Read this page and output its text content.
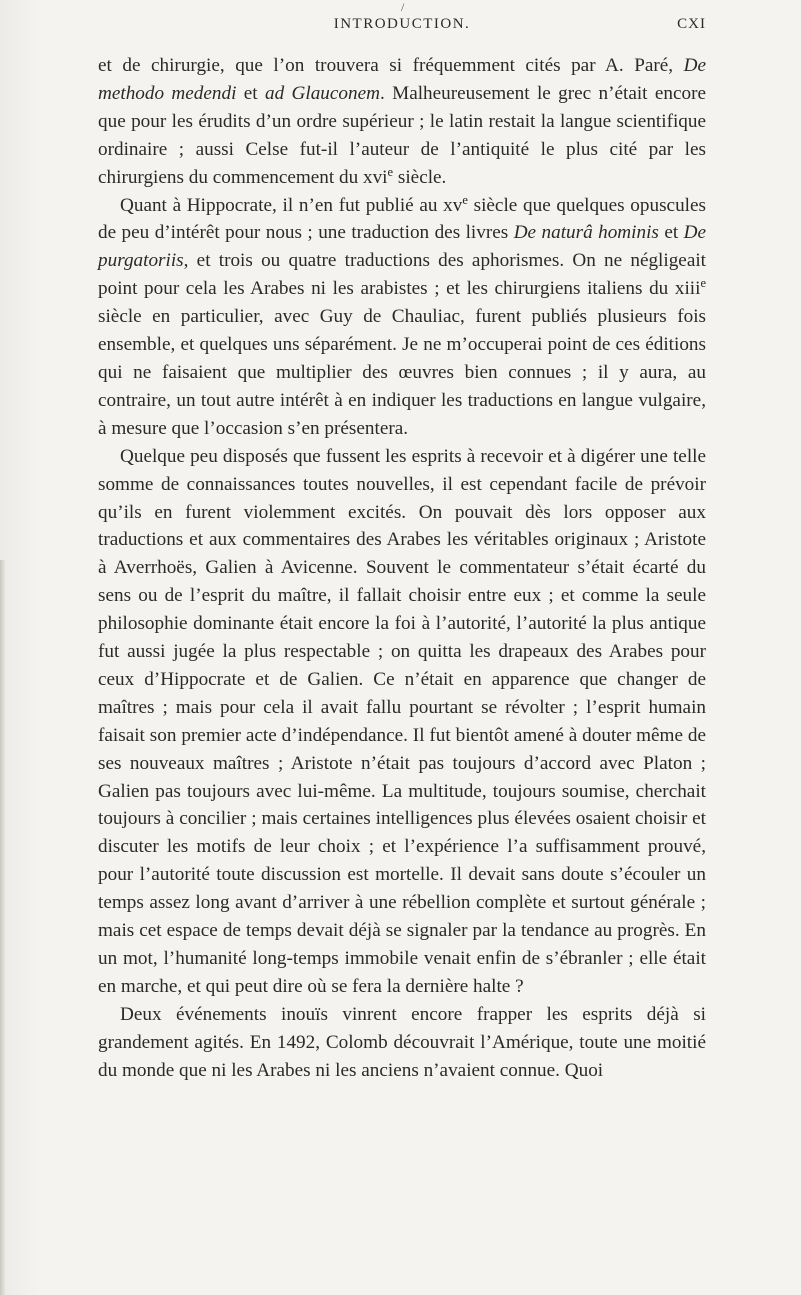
/
INTRODUCTION.	CXI

et de chirurgie, que l’on trouvera si fréquemment cités par A. Paré, De methodo medendi et ad Glauconem. Malheureusement le grec n’était encore que pour les érudits d’un ordre supérieur ; le latin restait la langue scientifique ordinaire ; aussi Celse fut-il l’auteur de l’antiquité le plus cité par les chirurgiens du commencement du xvi$^e$ siècle.

Quant à Hippocrate, il n’en fut publié au $xv^e$ siècle que quelques opuscules de peu d’intérêt pour nous ; une traduction des livres De naturâ hominis et De purgatoriis, et trois ou quatre traductions des aphorismes. On ne négligeait point pour cela les Arabes ni les arabistes ; et les chirurgiens italiens du xiii$^e$ siècle en particulier, avec Guy de Chauliac, furent publiés plusieurs fois ensemble, et quelques uns séparément. Je ne m’occuperai point de ces éditions qui ne faisaient que multiplier des œuvres bien connues ; il y aura, au contraire, un tout autre intérêt à en indiquer les traductions en langue vulgaire, à mesure que l’occasion s’en présentera.

Quelque peu disposés que fussent les esprits à recevoir et à digérer une telle somme de connaissances toutes nouvelles, il est cependant facile de prévoir qu’ils en furent violemment excités. On pouvait dès lors opposer aux traductions et aux commentaires des Arabes les véritables originaux ; Aristote à Averrhoës, Galien à Avicenne. Souvent le commentateur s’était écarté du sens ou de l’esprit du maître, il fallait choisir entre eux ; et comme la seule philosophie dominante était encore la foi à l’autorité, l’autorité la plus antique fut aussi jugée la plus respectable ; on quitta les drapeaux des Arabes pour ceux d’Hippocrate et de Galien. Ce n’était en apparence que changer de maîtres ; mais pour cela il avait fallu pourtant se révolter ; l’esprit humain faisait son premier acte d’indépendance. Il fut bientôt amené à douter même de ses nouveaux maîtres ; Aristote n’était pas toujours d’accord avec Platon ; Galien pas toujours avec lui-même. La multitude, toujours soumise, cherchait toujours à concilier ; mais certaines intelligences plus élevées osaient choisir et discuter les motifs de leur choix ; et l’expérience l’a suffisamment prouvé, pour l’autorité toute discussion est mortelle. Il devait sans doute s’écouler un temps assez long avant d’arriver à une rébellion complète et surtout générale ; mais cet espace de temps devait déjà se signaler par la tendance au progrès. En un mot, l’humanité long-temps immobile venait enfin de s’ébranler ; elle était en marche, et qui peut dire où se fera la dernière halte ?

Deux événements inouïs vinrent encore frapper les esprits déjà si grandement agités. En 1492, Colomb découvrait l’Amérique, toute une moitié du monde que ni les Arabes ni les anciens n’avaient connue. Quoi
